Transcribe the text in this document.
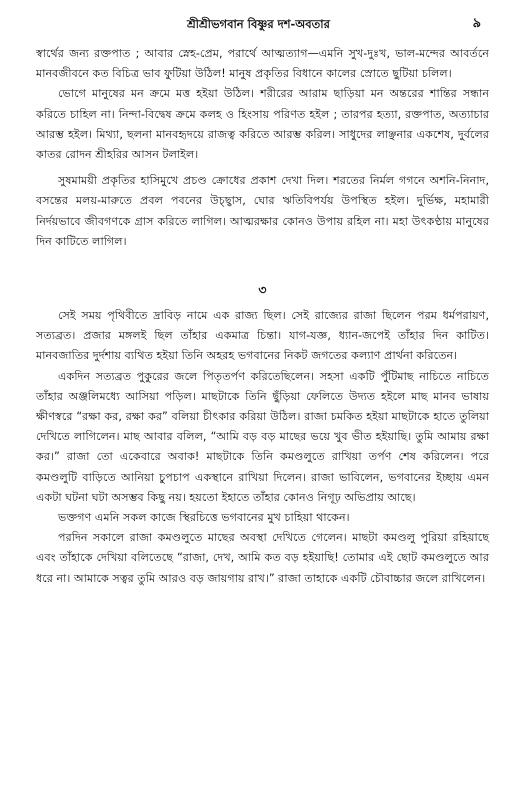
শ্রীশ্রীভগবান বিষ্ণুর দশ-অবতার	৯

স্বার্থের জন্য রক্তপাত ; আবার স্নেহ-প্রেম, পরার্থে আত্মত্যাগ—এমনি সুখ-দুঃখ, ভাল-মন্দের আবর্তনে মানবজীবনে কত বিচিত্র ভাব ফুটিয়া উঠিল! মানুষ প্রকৃতির বিধানে কালের স্রোতে ছুটিয়া চলিল।

ভোগে মানুষের মন ক্রমে মত্ত হইয়া উঠিল। শরীরের আরাম ছাড়িয়া মন অন্তরের শান্তির সন্ধান করিতে চাহিল না। নিন্দা-বিদ্বেষ ক্রমে কলহ ও হিংসায় পরিণত হইল ; তারপর হত্যা, রক্তপাত, অত্যাচার আরম্ভ হইল। মিথ্যা, ছলনা মানবহৃদয়ে রাজত্ব করিতে আরম্ভ করিল। সাধুদের লাঞ্ছনার একশেষ, দুর্বলের কাতর রোদন শ্রীহরির আসন টলাইল।

সুষমাময়ী প্রকৃতির হাসিমুখে প্রচণ্ড ক্রোধের প্রকাশ দেখা দিল। শরতের নির্মল গগনে অশনি-নিনাদ, বসন্তের মলয়-মারুতে প্রবল পবনের উচ্ছ্বাস, ঘোর ঋতিবিপর্যয় উপস্থিত হইল। দুর্ভিক্ষ, মহামারী নির্দয়ভাবে জীবগণকে গ্রাস করিতে লাগিল। আত্মরক্ষার কোনও উপায় রহিল না। মহা উৎকণ্ঠায় মানুষের দিন কাটিতে লাগিল।

৩

সেই সময় পৃথিবীতে দ্রাবিড় নামে এক রাজ্য ছিল। সেই রাজ্যের রাজা ছিলেন পরম ধর্মপরায়ণ, সত্যব্রত। প্রজার মঙ্গলই ছিল তাঁহার একমাত্র চিন্তা। যাগ-যজ্ঞ, ধ্যান-জপেই তাঁহার দিন কাটিত। মানবজাতির দুর্দশায় ব্যথিত হইয়া তিনি অহরহ ভগবানের নিকট জগতের কল্যাণ প্রার্থনা করিতেন।

একদিন সত্যব্রত পুকুরের জলে পিতৃতর্পণ করিতেছিলেন। সহসা একটি পুঁটিমাছ নাচিতে নাচিতে তাঁহার অঞ্জলিমধ্যে আসিয়া পড়িল। মাছটাকে তিনি ছুঁড়িয়া ফেলিতে উদ্যত হইলে মাছ মানব ভাষায় ক্ষীণস্বরে “রক্ষা কর, রক্ষা কর” বলিয়া চীৎকার করিয়া উঠিল। রাজা চমকিত হইয়া মাছটাকে হাতে তুলিয়া দেখিতে লাগিলেন। মাছ আবার বলিল, “আমি বড় বড় মাছের ভয়ে খুব ভীত হইয়াছি। তুমি আমায় রক্ষা কর।” রাজা তো একেবারে অবাক! মাছটাকে তিনি কমণ্ডলুতে রাখিয়া তর্পণ শেষ করিলেন। পরে কমণ্ডলুটি বাড়িতে আনিয়া চুপচাপ একস্থানে রাখিয়া দিলেন। রাজা ভাবিলেন, ভগবানের ইচ্ছায় এমন একটা ঘটনা ঘটা অসম্ভব কিছু নয়। হয়তো ইহাতে তাঁহার কোনও নিগূঢ় অভিপ্রায় আছে।

ভক্তগণ এমনি সকল কাজে স্থিরচিত্তে ভগবানের মুখ চাহিয়া থাকেন।

পরদিন সকালে রাজা কমণ্ডলুতে মাছের অবস্থা দেখিতে গেলেন। মাছটা কমণ্ডলু পুরিয়া রহিয়াছে এবং তাঁহাকে দেখিয়া বলিতেছে “রাজা, দেখ, আমি কত বড় হইয়াছি! তোমার এই ছোট কমণ্ডলুতে আর ধরে না। আমাকে সত্বর তুমি আরও বড় জায়গায় রাখ।” রাজা তাহাকে একটি চৌবাচ্চার জলে রাখিলেন।
